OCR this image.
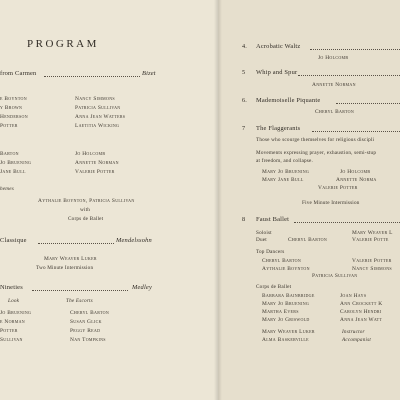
PROGRAM
from Carmen	Bizet
e Boynton	Nancy Simmons
y Brown	Patricia Sullivan
Henderson	Anna Jean Watters
Potter	Laetitia Wicking
Barton	Jo Holcomb
Jo Bruening	Annette Norman
Jane Bull	Valerie Potter
hemes
Aythalie Boynton, Patricia Sullivan
with
Corps de Ballet
Classique	Mendelssohn
Mary Weaver Luker
Two Minute Intermission
Nineties	Medley
Look	The Escorts
Jo Bruening	Cheryl Barton
e Norman	Susan Glick
Potter	Peggy Read
Sullivan	Nan Tompkins
4. Acrobatic Waltz
Jo Holcomb
5 Whip and Spur
Annette Norman
6. Mademoiselle Piquante
Cheryl Barton
7 The Flaggerants
Those who scourge themselves for religious discipli
Movements expressing prayer, exhaustion, semi-stup
at freedom, and collapse.
Mary Jo Bruening	Jo Holcomb
Mary Jane Bull	Annette Norma
Valerie Potter
Five Minute Intermission
8 Faust Ballet
Soloist	Mary Weaver L
Duet	Cheryl Barton	Valerie Potte
Top Dancers
Cheryl Barton	Valerie Potter
Aythalie Boynton	Nancy Simmons
Patricia Sullivan
Corps de Ballet
Barbara Bainbridge	Joan Hays
Mary Jo Bruening	Ann Crockett K
Martha Evers	Carolyn Hendri
Mary Jo Griswold	Anna Jean Watt
Mary Weaver Luker	Instructor
Alma Baskerville	Accompanist
